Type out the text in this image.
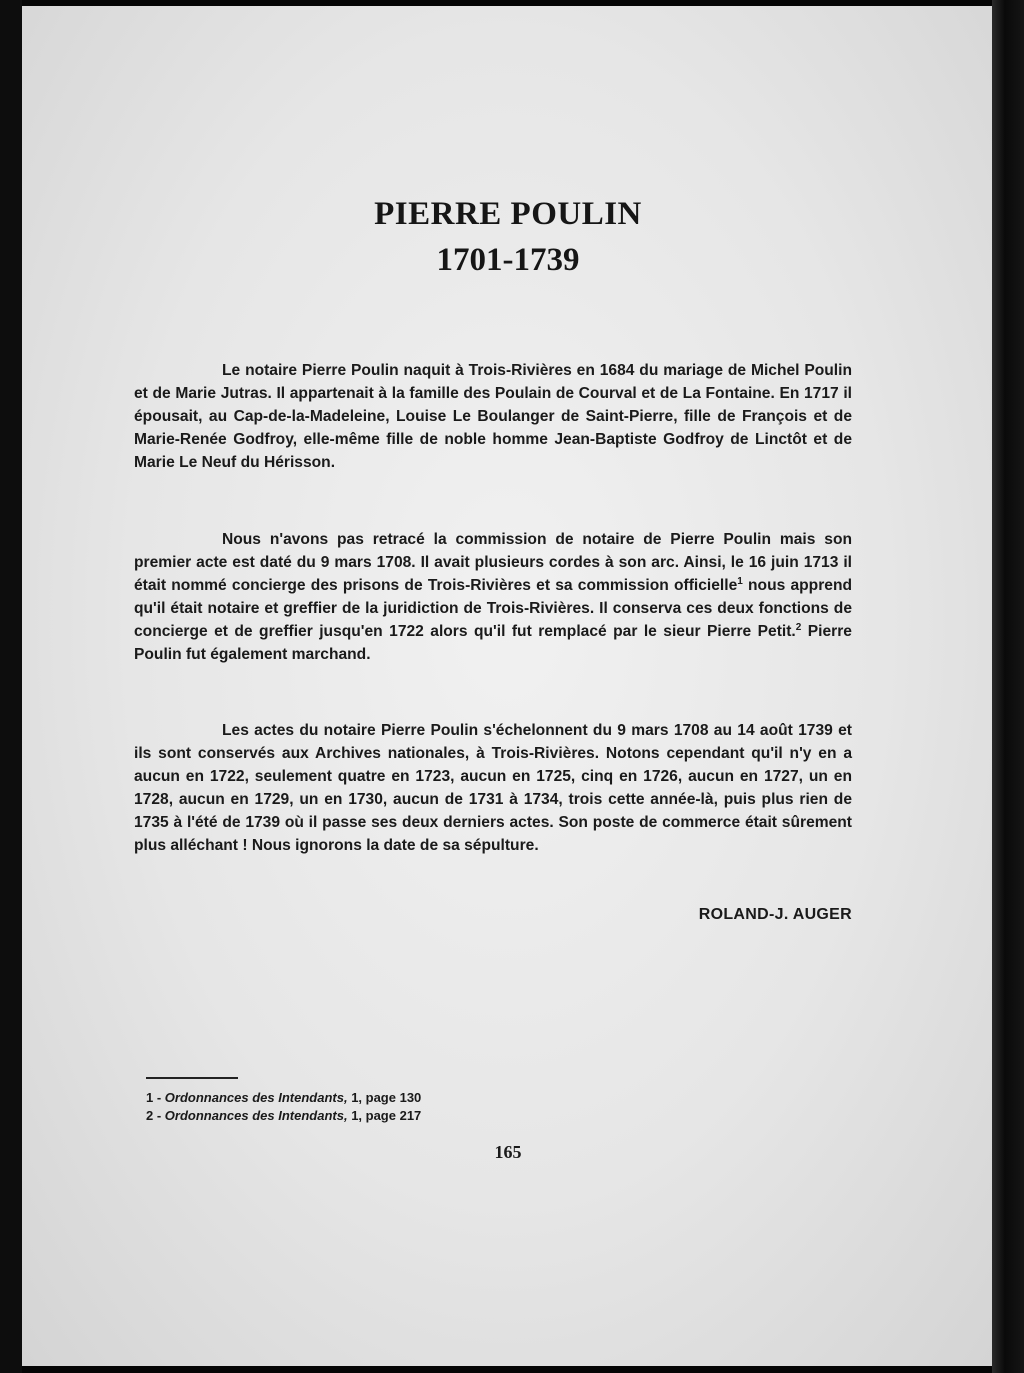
PIERRE POULIN
1701-1739

Le notaire Pierre Poulin naquit à Trois-Rivières en 1684 du mariage de Michel Poulin et de Marie Jutras. Il appartenait à la famille des Poulain de Courval et de La Fontaine. En 1717 il épousait, au Cap-de-la-Madeleine, Louise Le Boulanger de Saint-Pierre, fille de François et de Marie-Renée Godfroy, elle-même fille de noble homme Jean-Baptiste Godfroy de Linctôt et de Marie Le Neuf du Hérisson.

Nous n'avons pas retracé la commission de notaire de Pierre Poulin mais son premier acte est daté du 9 mars 1708. Il avait plusieurs cordes à son arc. Ainsi, le 16 juin 1713 il était nommé concierge des prisons de Trois-Rivières et sa commission officielle$^1$ nous apprend qu'il était notaire et greffier de la juridiction de Trois-Rivières. Il conserva ces deux fonctions de concierge et de greffier jusqu'en 1722 alors qu'il fut remplacé par le sieur Pierre Petit.$^2$ Pierre Poulin fut également marchand.

Les actes du notaire Pierre Poulin s'échelonnent du 9 mars 1708 au 14 août 1739 et ils sont conservés aux Archives nationales, à Trois-Rivières. Notons cependant qu'il n'y en a aucun en 1722, seulement quatre en 1723, aucun en 1725, cinq en 1726, aucun en 1727, un en 1728, aucun en 1729, un en 1730, aucun de 1731 à 1734, trois cette année-là, puis plus rien de 1735 à l'été de 1739 où il passe ses deux derniers actes. Son poste de commerce était sûrement plus alléchant ! Nous ignorons la date de sa sépulture.

ROLAND-J. AUGER

1 - Ordonnances des Intendants, 1, page 130
2 - Ordonnances des Intendants, 1, page 217

165
